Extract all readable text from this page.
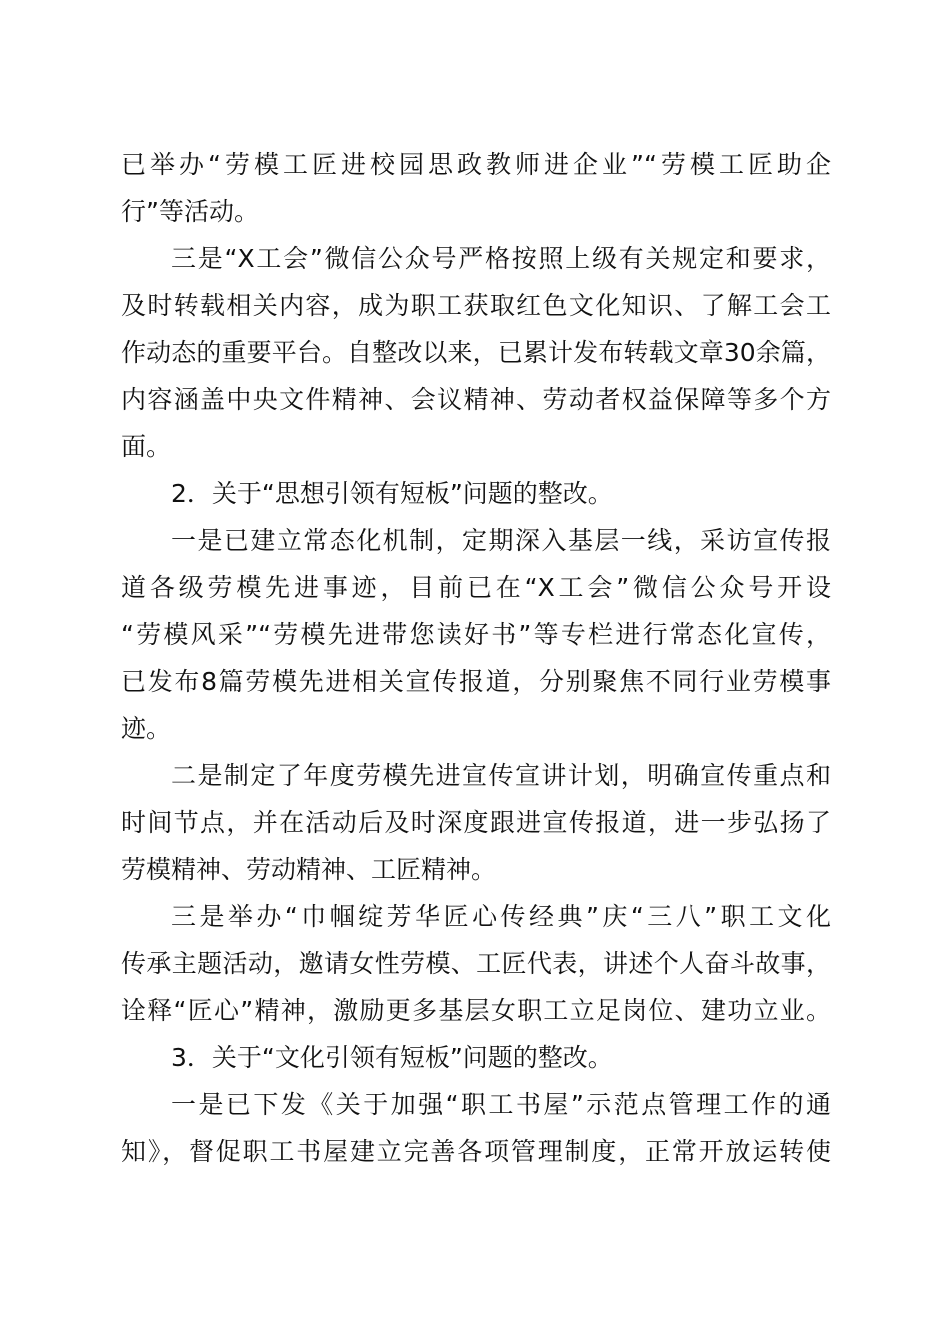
已举办“劳模工匠进校园思政教师进企业”“劳模工匠助企
行”等活动。
三是“X工会”微信公众号严格按照上级有关规定和要求，
及时转载相关内容，成为职工获取红色文化知识、了解工会工
作动态的重要平台。自整改以来，已累计发布转载文章30余篇，
内容涵盖中央文件精神、会议精神、劳动者权益保障等多个方
面。
2．关于“思想引领有短板”问题的整改。
一是已建立常态化机制，定期深入基层一线，采访宣传报
道各级劳模先进事迹，目前已在“X工会”微信公众号开设
“劳模风采”“劳模先进带您读好书”等专栏进行常态化宣传，
已发布8篇劳模先进相关宣传报道，分别聚焦不同行业劳模事
迹。
二是制定了年度劳模先进宣传宣讲计划，明确宣传重点和
时间节点，并在活动后及时深度跟进宣传报道，进一步弘扬了
劳模精神、劳动精神、工匠精神。
三是举办“巾帼绽芳华匠心传经典”庆“三八”职工文化
传承主题活动，邀请女性劳模、工匠代表，讲述个人奋斗故事，
诠释“匠心”精神，激励更多基层女职工立足岗位、建功立业。
3．关于“文化引领有短板”问题的整改。
一是已下发《关于加强“职工书屋”示范点管理工作的通
知》，督促职工书屋建立完善各项管理制度，正常开放运转使
